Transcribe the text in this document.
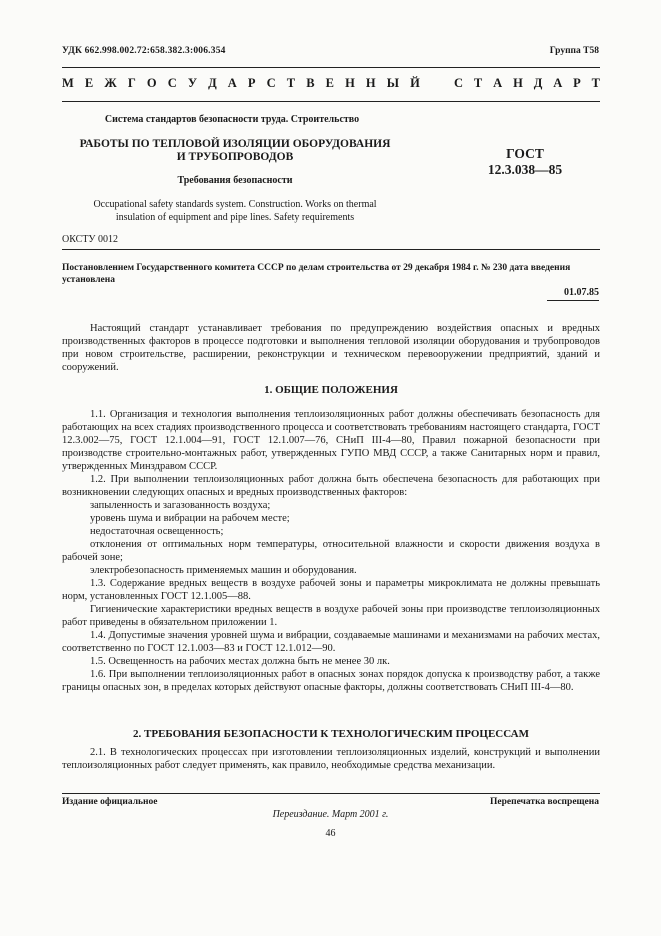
УДК 662.998.002.72:658.382.3:006.354	Группа Т58
М Е Ж Г О С У Д А Р С Т В Е Н Н Ы Й	С Т А Н Д А Р Т
Система стандартов безопасности труда. Строительство
РАБОТЫ ПО ТЕПЛОВОЙ ИЗОЛЯЦИИ ОБОРУДОВАНИЯ
И ТРУБОПРОВОДОВ
Требования безопасности
Occupational safety standards system. Construction. Works on thermal
insulation of equipment and pipe lines. Safety requirements
ГОСТ
12.3.038—85
ОКСТУ 0012
Постановлением Государственного комитета СССР по делам строительства от 29 декабря 1984 г. № 230 дата введения установлена
01.07.85

Настоящий стандарт устанавливает требования по предупреждению воздействия опасных и вредных производственных факторов в процессе подготовки и выполнения тепловой изоляции оборудования и трубопроводов при новом строительстве, расширении, реконструкции и техническом перевооружении предприятий, зданий и сооружений.

1. ОБЩИЕ ПОЛОЖЕНИЯ

1.1. Организация и технология выполнения теплоизоляционных работ должны обеспечивать безопасность для работающих на всех стадиях производственного процесса и соответствовать требованиям настоящего стандарта, ГОСТ 12.3.002—75, ГОСТ 12.1.004—91, ГОСТ 12.1.007—76, СНиП III-4—80, Правил пожарной безопасности при производстве строительно-монтажных работ, утвержденных ГУПО МВД СССР, а также Санитарных норм и правил, утвержденных Минздравом СССР.

1.2. При выполнении теплоизоляционных работ должна быть обеспечена безопасность для работающих при возникновении следующих опасных и вредных производственных факторов:

запыленность и загазованность воздуха;

уровень шума и вибрации на рабочем месте;

недостаточная освещенность;

отклонения от оптимальных норм температуры, относительной влажности и скорости движения воздуха в рабочей зоне;

электробезопасность применяемых машин и оборудования.

1.3. Содержание вредных веществ в воздухе рабочей зоны и параметры микроклимата не должны превышать норм, установленных ГОСТ 12.1.005—88.

Гигиенические характеристики вредных веществ в воздухе рабочей зоны при производстве теплоизоляционных работ приведены в обязательном приложении 1.

1.4. Допустимые значения уровней шума и вибрации, создаваемые машинами и механизмами на рабочих местах, соответственно по ГОСТ 12.1.003—83 и ГОСТ 12.1.012—90.

1.5. Освещенность на рабочих местах должна быть не менее 30 лк.

1.6. При выполнении теплоизоляционных работ в опасных зонах порядок допуска к производству работ, а также границы опасных зон, в пределах которых действуют опасные факторы, должны соответствовать СНиП III-4—80.

2. ТРЕБОВАНИЯ БЕЗОПАСНОСТИ К ТЕХНОЛОГИЧЕСКИМ ПРОЦЕССАМ

2.1. В технологических процессах при изготовлении теплоизоляционных изделий, конструкций и выполнении теплоизоляционных работ следует применять, как правило, необходимые средства механизации.

Издание официальное	Перепечатка воспрещена
Переиздание. Март 2001 г.
46
